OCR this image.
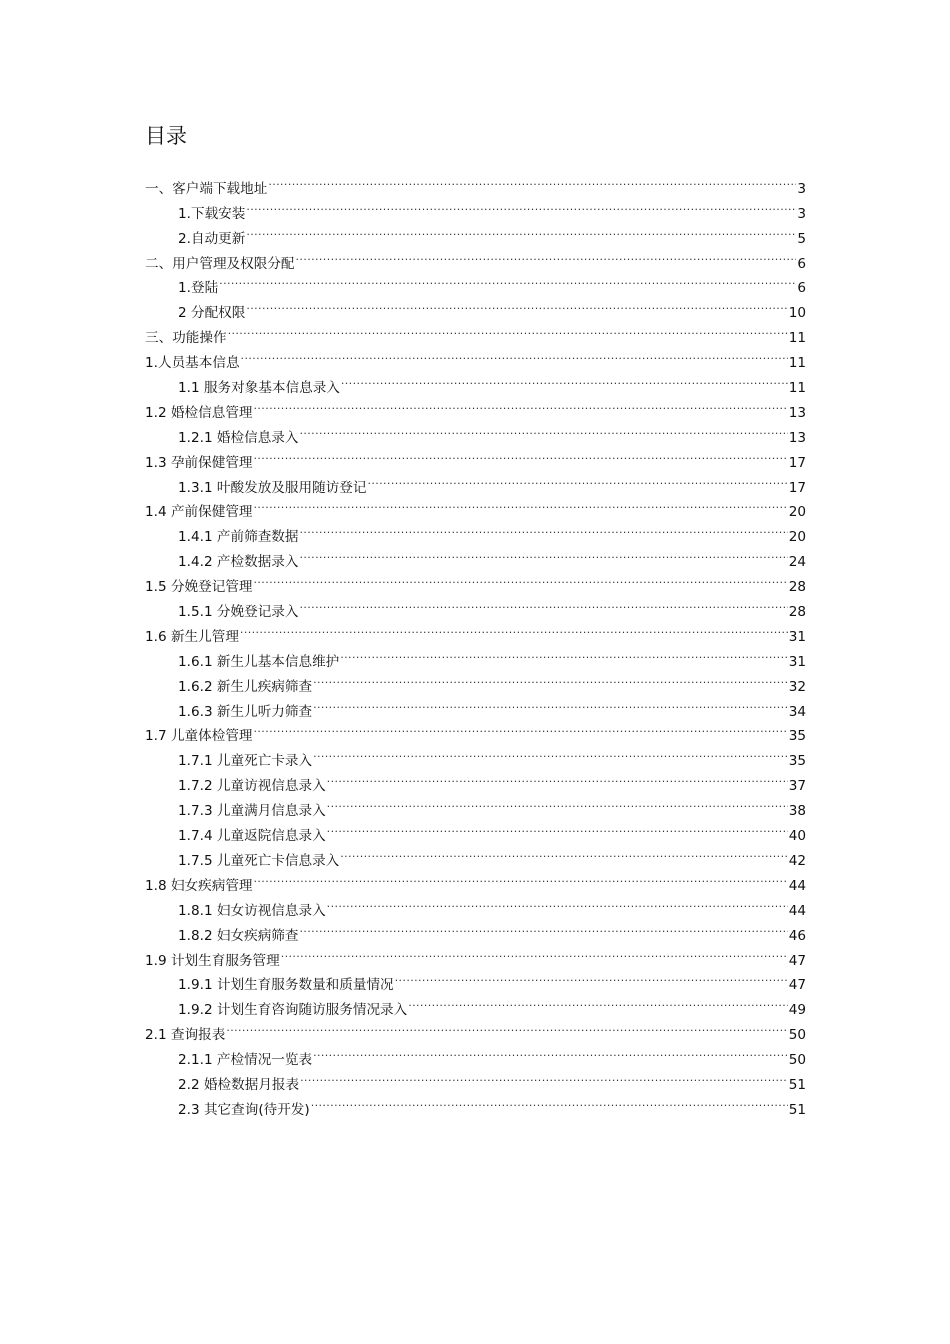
目录
一、客户端下载地址 .....	3
1.下载安装 .....	3
2.自动更新 .....	5
二、用户管理及权限分配 .....	6
1.登陆 .....	6
2 分配权限 .....	10
三、功能操作 .....	11
1.人员基本信息 .....	11
1.1 服务对象基本信息录入 .....	11
1.2 婚检信息管理 .....	13
1.2.1 婚检信息录入 .....	13
1.3 孕前保健管理 .....	17
1.3.1 叶酸发放及服用随访登记 .....	17
1.4 产前保健管理 .....	20
1.4.1 产前筛查数据 .....	20
1.4.2 产检数据录入 .....	24
1.5 分娩登记管理 .....	28
1.5.1 分娩登记录入 .....	28
1.6 新生儿管理 .....	31
1.6.1 新生儿基本信息维护 .....	31
1.6.2 新生儿疾病筛查 .....	32
1.6.3 新生儿听力筛查 .....	34
1.7 儿童体检管理 .....	35
1.7.1 儿童死亡卡录入 .....	35
1.7.2 儿童访视信息录入 .....	37
1.7.3 儿童满月信息录入 .....	38
1.7.4 儿童返院信息录入 .....	40
1.7.5 儿童死亡卡信息录入 .....	42
1.8 妇女疾病管理 .....	44
1.8.1 妇女访视信息录入 .....	44
1.8.2 妇女疾病筛查 .....	46
1.9 计划生育服务管理 .....	47
1.9.1 计划生育服务数量和质量情况 .....	47
1.9.2 计划生育咨询随访服务情况录入 .....	49
2.1 查询报表 .....	50
2.1.1 产检情况一览表 .....	50
2.2 婚检数据月报表 .....	51
2.3 其它查询(待开发) .....	51
